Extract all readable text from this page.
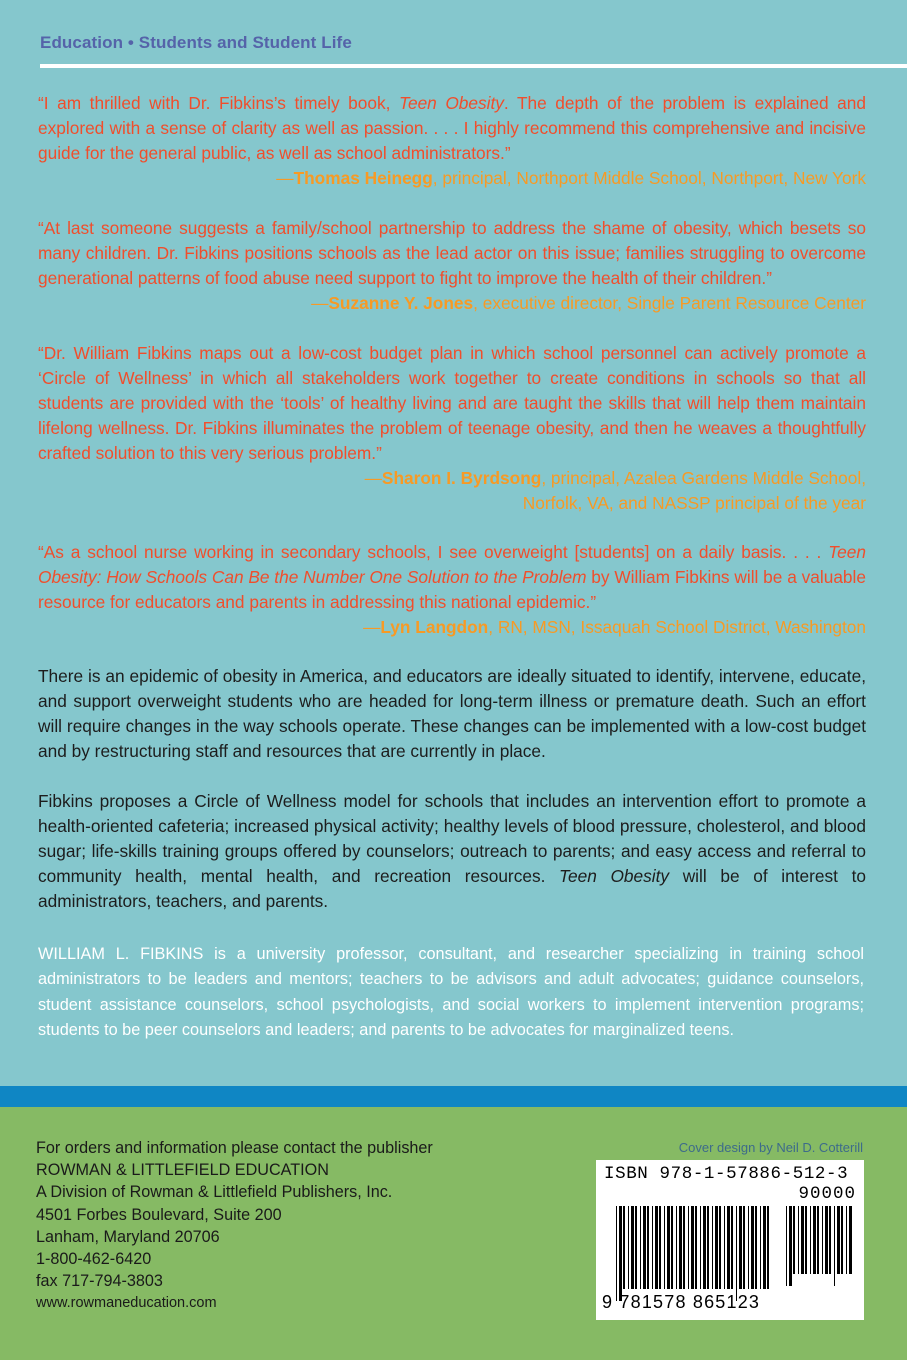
Education • Students and Student Life
“I am thrilled with Dr. Fibkins’s timely book, Teen Obesity. The depth of the problem is explained and explored with a sense of clarity as well as passion. . . . I highly recommend this comprehensive and incisive guide for the general public, as well as school administrators.”
—Thomas Heinegg, principal, Northport Middle School, Northport, New York
“At last someone suggests a family/school partnership to address the shame of obesity, which besets so many children. Dr. Fibkins positions schools as the lead actor on this issue; families struggling to overcome generational patterns of food abuse need support to fight to improve the health of their children.”
—Suzanne Y. Jones, executive director, Single Parent Resource Center
“Dr. William Fibkins maps out a low-cost budget plan in which school personnel can actively promote a ‘Circle of Wellness’ in which all stakeholders work together to create conditions in schools so that all students are provided with the ‘tools’ of healthy living and are taught the skills that will help them maintain lifelong wellness. Dr. Fibkins illuminates the problem of teenage obesity, and then he weaves a thoughtfully crafted solution to this very serious problem.”
—Sharon I. Byrdsong, principal, Azalea Gardens Middle School,
Norfolk, VA, and NASSP principal of the year
“As a school nurse working in secondary schools, I see overweight [students] on a daily basis. . . . Teen Obesity: How Schools Can Be the Number One Solution to the Problem by William Fibkins will be a valuable resource for educators and parents in addressing this national epidemic.”
—Lyn Langdon, RN, MSN, Issaquah School District, Washington
There is an epidemic of obesity in America, and educators are ideally situated to identify, intervene, educate, and support overweight students who are headed for long-term illness or premature death. Such an effort will require changes in the way schools operate. These changes can be implemented with a low-cost budget and by restructuring staff and resources that are currently in place.
Fibkins proposes a Circle of Wellness model for schools that includes an intervention effort to promote a health-oriented cafeteria; increased physical activity; healthy levels of blood pressure, cholesterol, and blood sugar; life-skills training groups offered by counselors; outreach to parents; and easy access and referral to community health, mental health, and recreation resources. Teen Obesity will be of interest to administrators, teachers, and parents.
WILLIAM L. FIBKINS is a university professor, consultant, and researcher specializing in training school administrators to be leaders and mentors; teachers to be advisors and adult advocates; guidance counselors, student assistance counselors, school psychologists, and social workers to implement intervention programs; students to be peer counselors and leaders; and parents to be advocates for marginalized teens.
For orders and information please contact the publisher
ROWMAN & LITTLEFIELD EDUCATION
A Division of Rowman & Littlefield Publishers, Inc.
4501 Forbes Boulevard, Suite 200
Lanham, Maryland 20706
1-800-462-6420
fax 717-794-3803
www.rowmaneducation.com
Cover design by Neil D. Cotterill
ISBN 978-1-57886-512-3
90000
9 781578 865123
